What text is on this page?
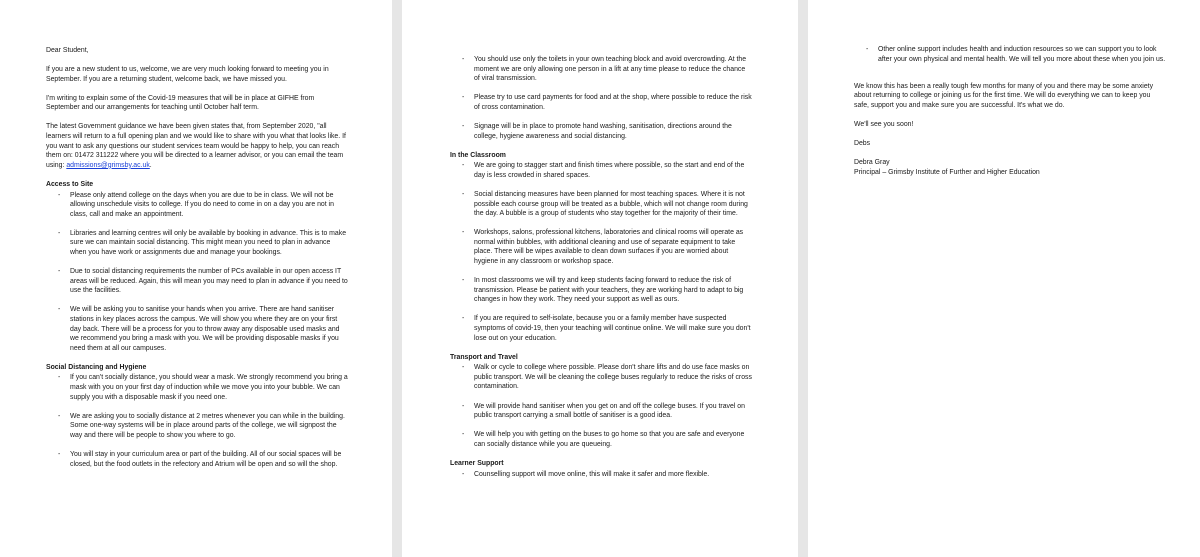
Dear Student,

If you are a new student to us, welcome, we are very much looking forward to meeting you in September. If you are a returning student, welcome back, we have missed you.

I'm writing to explain some of the Covid-19 measures that will be in place at GIFHE from September and our arrangements for teaching until October half term.

The latest Government guidance we have been given states that, from September 2020, "all learners will return to a full opening plan and we would like to share with you what that looks like. If you want to ask any questions our student services team would be happy to help, you can reach them on: 01472 311222 where you will be directed to a learner advisor, or you can email the team using: admissions@grimsby.ac.uk.

Access to Site
- Please only attend college on the days when you are due to be in class. We will not be allowing unschedule visits to college. If you do need to come in on a day you are not in class, call and make an appointment.
- Libraries and learning centres will only be available by booking in advance. This is to make sure we can maintain social distancing. This might mean you need to plan in advance when you have work or assignments due and manage your bookings.
- Due to social distancing requirements the number of PCs available in our open access IT areas will be reduced. Again, this will mean you may need to plan in advance if you need to use the facilities.
- We will be asking you to sanitise your hands when you arrive. There are hand sanitiser stations in key places across the campus. We will show you where they are on your first day back. There will be a process for you to throw away any disposable used masks and we recommend you bring a mask with you. We will be providing disposable masks if you need them at all our campuses.
Social Distancing and Hygiene
- If you can't socially distance, you should wear a mask. We strongly recommend you bring a mask with you on your first day of induction while we move you into your bubble. We can supply you with a disposable mask if you need one.
- We are asking you to socially distance at 2 metres whenever you can while in the building. Some one-way systems will be in place around parts of the college, we will signpost the way and there will be people to show you where to go.
- You will stay in your curriculum area or part of the building. All of our social spaces will be closed, but the food outlets in the refectory and Atrium will be open and so will the shop.
- You should use only the toilets in your own teaching block and avoid overcrowding. At the moment we are only allowing one person in a lift at any time please to reduce the chance of viral transmission.
- Please try to use card payments for food and at the shop, where possible to reduce the risk of cross contamination.
- Signage will be in place to promote hand washing, sanitisation, directions around the college, hygiene awareness and social distancing.
In the Classroom
- We are going to stagger start and finish times where possible, so the start and end of the day is less crowded in shared spaces.
- Social distancing measures have been planned for most teaching spaces. Where it is not possible each course group will be treated as a bubble, which will not change room during the day. A bubble is a group of students who stay together for the majority of their time.
- Workshops, salons, professional kitchens, laboratories and clinical rooms will operate as normal within bubbles, with additional cleaning and use of separate equipment to take place. There will be wipes available to clean down surfaces if you are worried about hygiene in any classroom or workshop space.
- In most classrooms we will try and keep students facing forward to reduce the risk of transmission. Please be patient with your teachers, they are working hard to adapt to big changes in how they work. They need your support as well as ours.
- If you are required to self-isolate, because you or a family member have suspected symptoms of covid-19, then your teaching will continue online. We will make sure you don't lose out on your education.
Transport and Travel
- Walk or cycle to college where possible. Please don't share lifts and do use face masks on public transport. We will be cleaning the college buses regularly to reduce the risks of cross contamination.
- We will provide hand sanitiser when you get on and off the college buses. If you travel on public transport carrying a small bottle of sanitiser is a good idea.
- We will help you with getting on the buses to go home so that you are safe and everyone can socially distance while you are queueing.
Learner Support
- Counselling support will move online, this will make it safer and more flexible.
- Other online support includes health and induction resources so we can support you to look after your own physical and mental health. We will tell you more about these when you join us.

We know this has been a really tough few months for many of you and there may be some anxiety about returning to college or joining us for the first time. We will do everything we can to keep you safe, support you and make sure you are successful. It's what we do.

We'll see you soon!

Debs

Debra Gray

Principal – Grimsby Institute of Further and Higher Education
